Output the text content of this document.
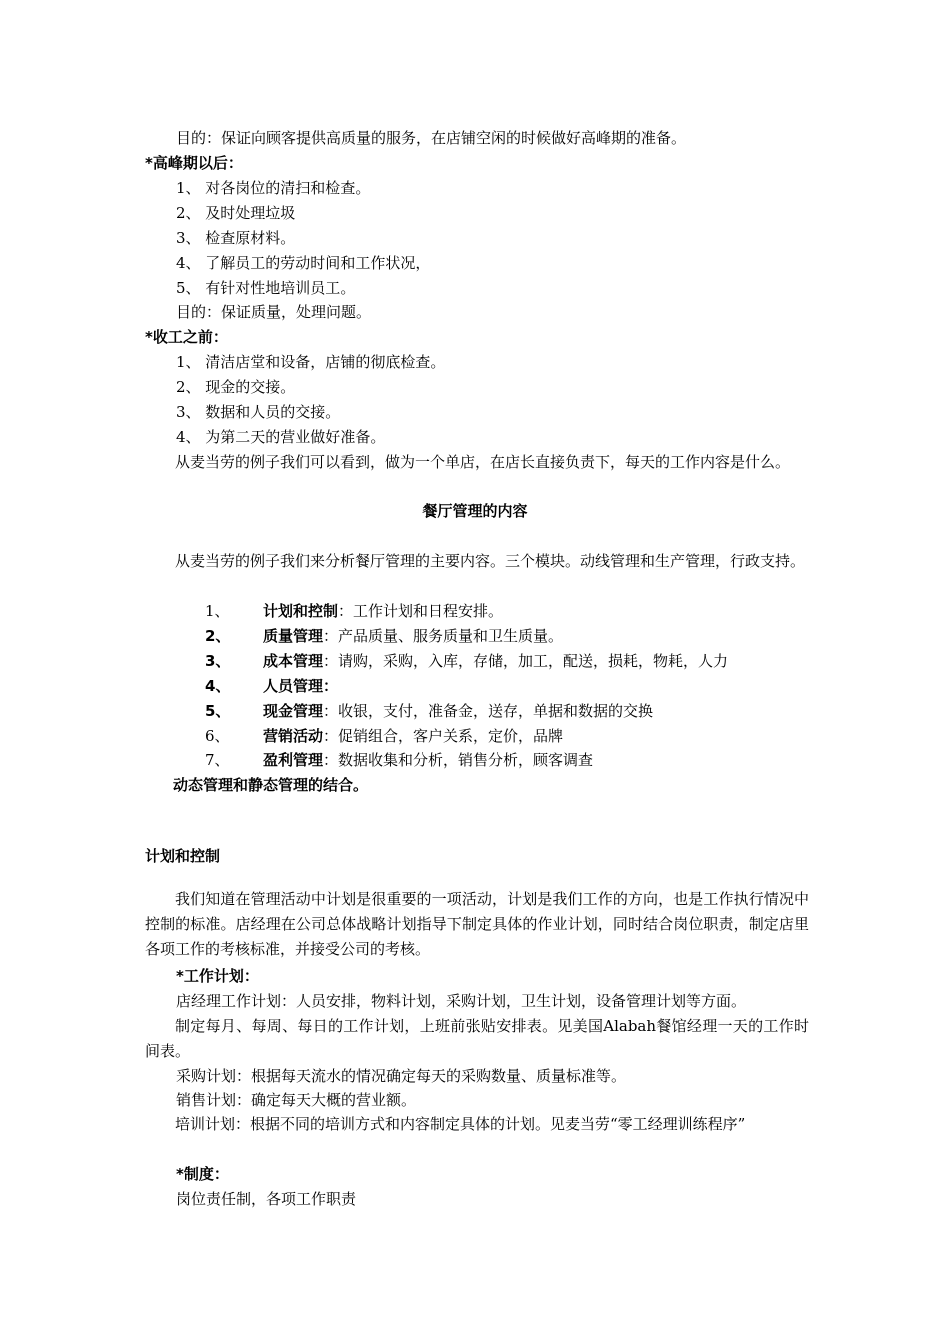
目的：保证向顾客提供高质量的服务，在店铺空闲的时候做好高峰期的准备。
*高峰期以后：
1、 对各岗位的清扫和检查。
2、 及时处理垃圾
3、 检查原材料。
4、 了解员工的劳动时间和工作状况，
5、 有针对性地培训员工。
目的：保证质量，处理问题。
*收工之前：
1、 清洁店堂和设备，店铺的彻底检查。
2、 现金的交接。
3、 数据和人员的交接。
4、 为第二天的营业做好准备。
从麦当劳的例子我们可以看到，做为一个单店，在店长直接负责下，每天的工作内容是什么。
餐厅管理的内容
从麦当劳的例子我们来分析餐厅管理的主要内容。三个模块。动线管理和生产管理，行政支持。
1、 计划和控制：工作计划和日程安排。
2、 质量管理：产品质量、服务质量和卫生质量。
3、 成本管理：请购，采购，入库，存储，加工，配送，损耗，物耗，人力
4、 人员管理：
5、 现金管理：收银，支付，准备金，送存，单据和数据的交换
6、 营销活动：促销组合，客户关系，定价，品牌
7、 盈利管理：数据收集和分析，销售分析，顾客调查
动态管理和静态管理的结合。
计划和控制
我们知道在管理活动中计划是很重要的一项活动，计划是我们工作的方向，也是工作执行情况中控制的标准。店经理在公司总体战略计划指导下制定具体的作业计划，同时结合岗位职责，制定店里各项工作的考核标准，并接受公司的考核。
*工作计划：
店经理工作计划：人员安排，物料计划，采购计划，卫生计划，设备管理计划等方面。
制定每月、每周、每日的工作计划，上班前张贴安排表。见美国Alabah餐馆经理一天的工作时间表。
采购计划：根据每天流水的情况确定每天的采购数量、质量标准等。
销售计划：确定每天大概的营业额。
培训计划：根据不同的培训方式和内容制定具体的计划。见麦当劳“零工经理训练程序”
*制度：
岗位责任制，各项工作职责
